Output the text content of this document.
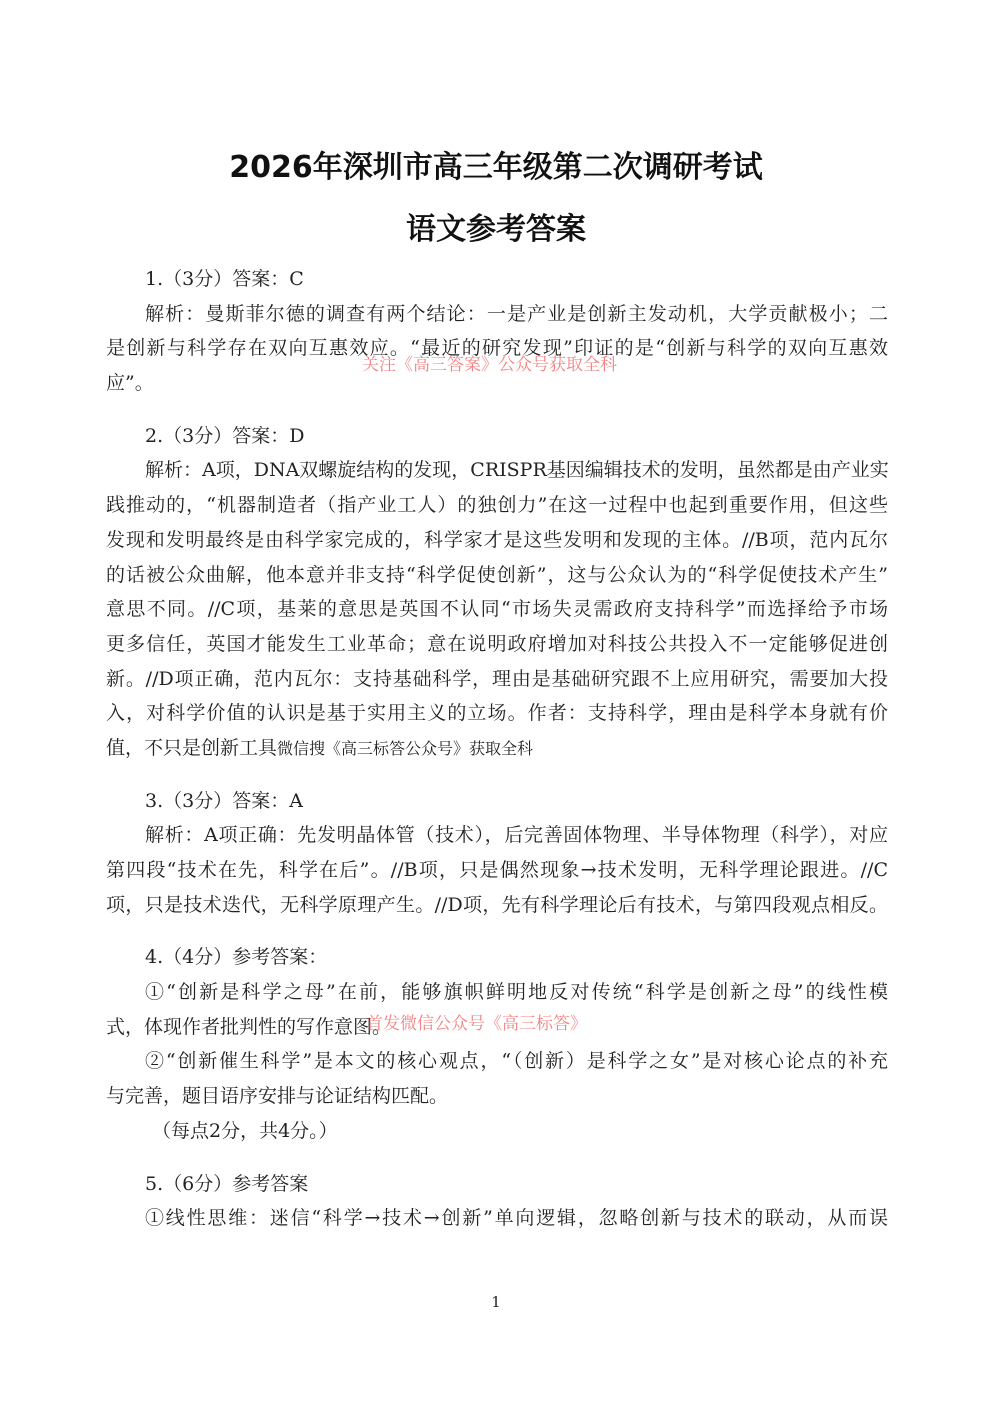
2026年深圳市高三年级第二次调研考试
语文参考答案
1.（3分）答案：C
解析：曼斯菲尔德的调查有两个结论：一是产业是创新主发动机，大学贡献极小；二
是创新与科学存在双向互惠效应。“最近的研究发现”印证的是“创新与科学的双向互惠效
应”。
2.（3分）答案：D
解析：A项，DNA双螺旋结构的发现，CRISPR基因编辑技术的发明，虽然都是由产业实
践推动的，“机器制造者（指产业工人）的独创力”在这一过程中也起到重要作用，但这些
发现和发明最终是由科学家完成的，科学家才是这些发明和发现的主体。//B项，范内瓦尔
的话被公众曲解，他本意并非支持“科学促使创新”，这与公众认为的“科学促使技术产生”
意思不同。//C项，基莱的意思是英国不认同“市场失灵需政府支持科学”而选择给予市场
更多信任，英国才能发生工业革命；意在说明政府增加对科技公共投入不一定能够促进创
新。//D项正确，范内瓦尔：支持基础科学，理由是基础研究跟不上应用研究，需要加大投
入，对科学价值的认识是基于实用主义的立场。作者：支持科学，理由是科学本身就有价
值，不只是创新工具微信搜《高三标答公众号》获取全科
3.（3分）答案：A
解析：A项正确：先发明晶体管（技术），后完善固体物理、半导体物理（科学），对应
第四段“技术在先，科学在后”。//B项，只是偶然现象→技术发明，无科学理论跟进。//C
项，只是技术迭代，无科学原理产生。//D项，先有科学理论后有技术，与第四段观点相反。
4.（4分）参考答案：
①“创新是科学之母”在前，能够旗帜鲜明地反对传统“科学是创新之母”的线性模
式，体现作者批判性的写作意图。
②“创新催生科学”是本文的核心观点，“（创新）是科学之女”是对核心论点的补充
与完善，题目语序安排与论证结构匹配。
（每点2分，共4分。）
5.（6分）参考答案
①线性思维：迷信“科学→技术→创新”单向逻辑，忽略创新与技术的联动，从而误
关注《高三答案》公众号获取全科
首发微信公众号《高三标答》
1
